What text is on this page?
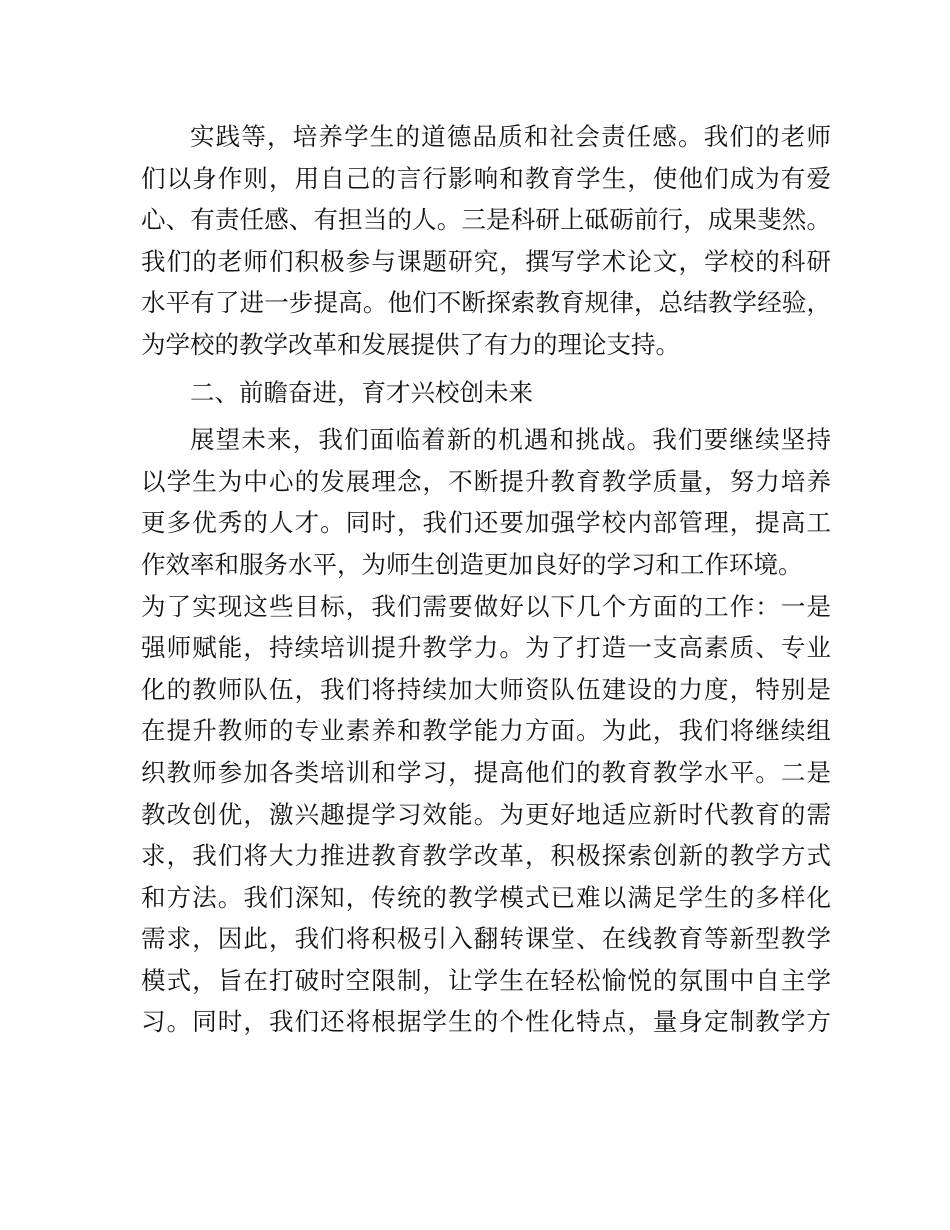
实践等，培养学生的道德品质和社会责任感。我们的老师
们以身作则，用自己的言行影响和教育学生，使他们成为有爱
心、有责任感、有担当的人。三是科研上砥砺前行，成果斐然。
我们的老师们积极参与课题研究，撰写学术论文，学校的科研
水平有了进一步提高。他们不断探索教育规律，总结教学经验，
为学校的教学改革和发展提供了有力的理论支持。
二、前瞻奋进，育才兴校创未来
展望未来，我们面临着新的机遇和挑战。我们要继续坚持
以学生为中心的发展理念，不断提升教育教学质量，努力培养
更多优秀的人才。同时，我们还要加强学校内部管理，提高工
作效率和服务水平，为师生创造更加良好的学习和工作环境。
为了实现这些目标，我们需要做好以下几个方面的工作：一是
强师赋能，持续培训提升教学力。为了打造一支高素质、专业
化的教师队伍，我们将持续加大师资队伍建设的力度，特别是
在提升教师的专业素养和教学能力方面。为此，我们将继续组
织教师参加各类培训和学习，提高他们的教育教学水平。二是
教改创优，激兴趣提学习效能。为更好地适应新时代教育的需
求，我们将大力推进教育教学改革，积极探索创新的教学方式
和方法。我们深知，传统的教学模式已难以满足学生的多样化
需求，因此，我们将积极引入翻转课堂、在线教育等新型教学
模式，旨在打破时空限制，让学生在轻松愉悦的氛围中自主学
习。同时，我们还将根据学生的个性化特点，量身定制教学方
